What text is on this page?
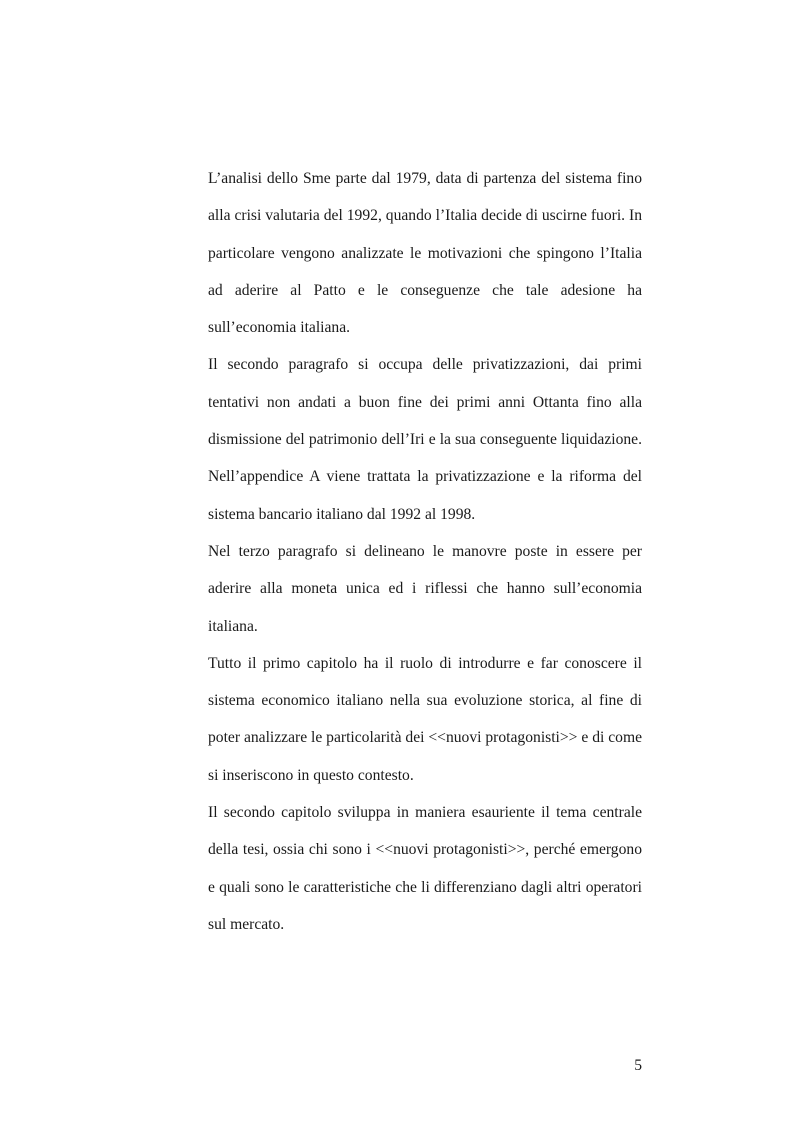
L’analisi dello Sme parte dal 1979, data di partenza del sistema fino alla crisi valutaria del 1992, quando l’Italia decide di uscirne fuori. In particolare vengono analizzate le motivazioni che spingono l’Italia ad aderire al Patto e le conseguenze che tale adesione ha sull’economia italiana.

Il secondo paragrafo si occupa delle privatizzazioni, dai primi tentativi non andati a buon fine dei primi anni Ottanta fino alla dismissione del patrimonio dell’Iri e la sua conseguente liquidazione. Nell’appendice A viene trattata la privatizzazione e la riforma del sistema bancario italiano dal 1992 al 1998.

Nel terzo paragrafo si delineano le manovre poste in essere per aderire alla moneta unica ed i riflessi che hanno sull’economia italiana.

Tutto il primo capitolo ha il ruolo di introdurre e far conoscere il sistema economico italiano nella sua evoluzione storica, al fine di poter analizzare le particolarità dei <<nuovi protagonisti>> e di come si inseriscono in questo contesto.

Il secondo capitolo sviluppa in maniera esauriente il tema centrale della tesi, ossia chi sono i <<nuovi protagonisti>>, perché emergono e quali sono le caratteristiche che li differenziano dagli altri operatori sul mercato.

5
